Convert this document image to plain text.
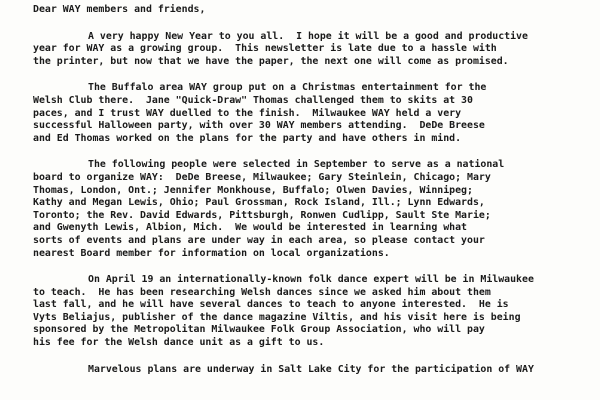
Dear WAY members and friends,
A very happy New Year to you all.  I hope it will be a good and productive
year for WAY as a growing group.  This newsletter is late due to a hassle with
the printer, but now that we have the paper, the next one will come as promised.
The Buffalo area WAY group put on a Christmas entertainment for the
Welsh Club there.  Jane "Quick-Draw" Thomas challenged them to skits at 30
paces, and I trust WAY duelled to the finish.  Milwaukee WAY held a very
successful Halloween party, with over 30 WAY members attending.  DeDe Breese
and Ed Thomas worked on the plans for the party and have others in mind.
The following people were selected in September to serve as a national
board to organize WAY:  DeDe Breese, Milwaukee; Gary Steinlein, Chicago; Mary
Thomas, London, Ont.; Jennifer Monkhouse, Buffalo; Olwen Davies, Winnipeg;
Kathy and Megan Lewis, Ohio; Paul Grossman, Rock Island, Ill.; Lynn Edwards,
Toronto; the Rev. David Edwards, Pittsburgh, Ronwen Cudlipp, Sault Ste Marie;
and Gwenyth Lewis, Albion, Mich.  We would be interested in learning what
sorts of events and plans are under way in each area, so please contact your
nearest Board member for information on local organizations.
On April 19 an internationally-known folk dance expert will be in Milwaukee
to teach.  He has been researching Welsh dances since we asked him about them
last fall, and he will have several dances to teach to anyone interested.  He is
Vyts Beliajus, publisher of the dance magazine Viltis, and his visit here is being
sponsored by the Metropolitan Milwaukee Folk Group Association, who will pay
his fee for the Welsh dance unit as a gift to us.
Marvelous plans are underway in Salt Lake City for the participation of WAY
